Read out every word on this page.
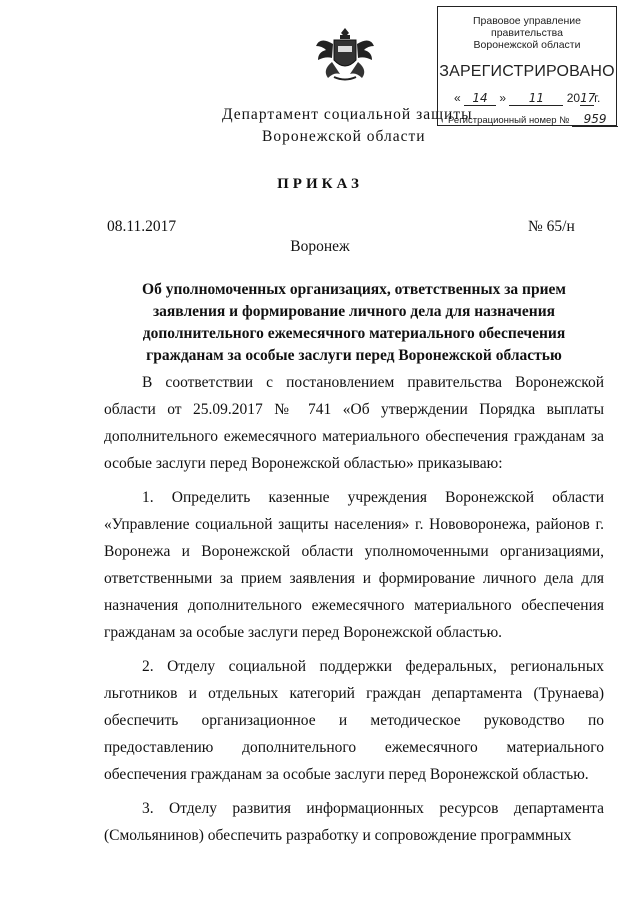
Правовое управление правительства
Воронежской области
ЗАРЕГИСТРИРОВАНО
« 14 » 11 2017г.
Регистрационный номер № 959
Департамент социальной защиты
Воронежской области
ПРИКАЗ
08.11.2017	№ 65/н
Воронеж
Об уполномоченных организациях, ответственных за прием заявления и формирование личного дела для назначения дополнительного ежемесячного материального обеспечения гражданам за особые заслуги перед Воронежской областью

В соответствии с постановлением правительства Воронежской области от 25.09.2017 № 741 «Об утверждении Порядка выплаты дополнительного ежемесячного материального обеспечения гражданам за особые заслуги перед Воронежской областью» приказываю:

1. Определить казенные учреждения Воронежской области «Управление социальной защиты населения» г. Нововоронежа, районов г. Воронежа и Воронежской области уполномоченными организациями, ответственными за прием заявления и формирование личного дела для назначения дополнительного ежемесячного материального обеспечения гражданам за особые заслуги перед Воронежской областью.

2. Отделу социальной поддержки федеральных, региональных льготников и отдельных категорий граждан департамента (Трунаева) обеспечить организационное и методическое руководство по предоставлению дополнительного ежемесячного материального обеспечения гражданам за особые заслуги перед Воронежской областью.

3. Отделу развития информационных ресурсов департамента (Смольянинов) обеспечить разработку и сопровождение программных
